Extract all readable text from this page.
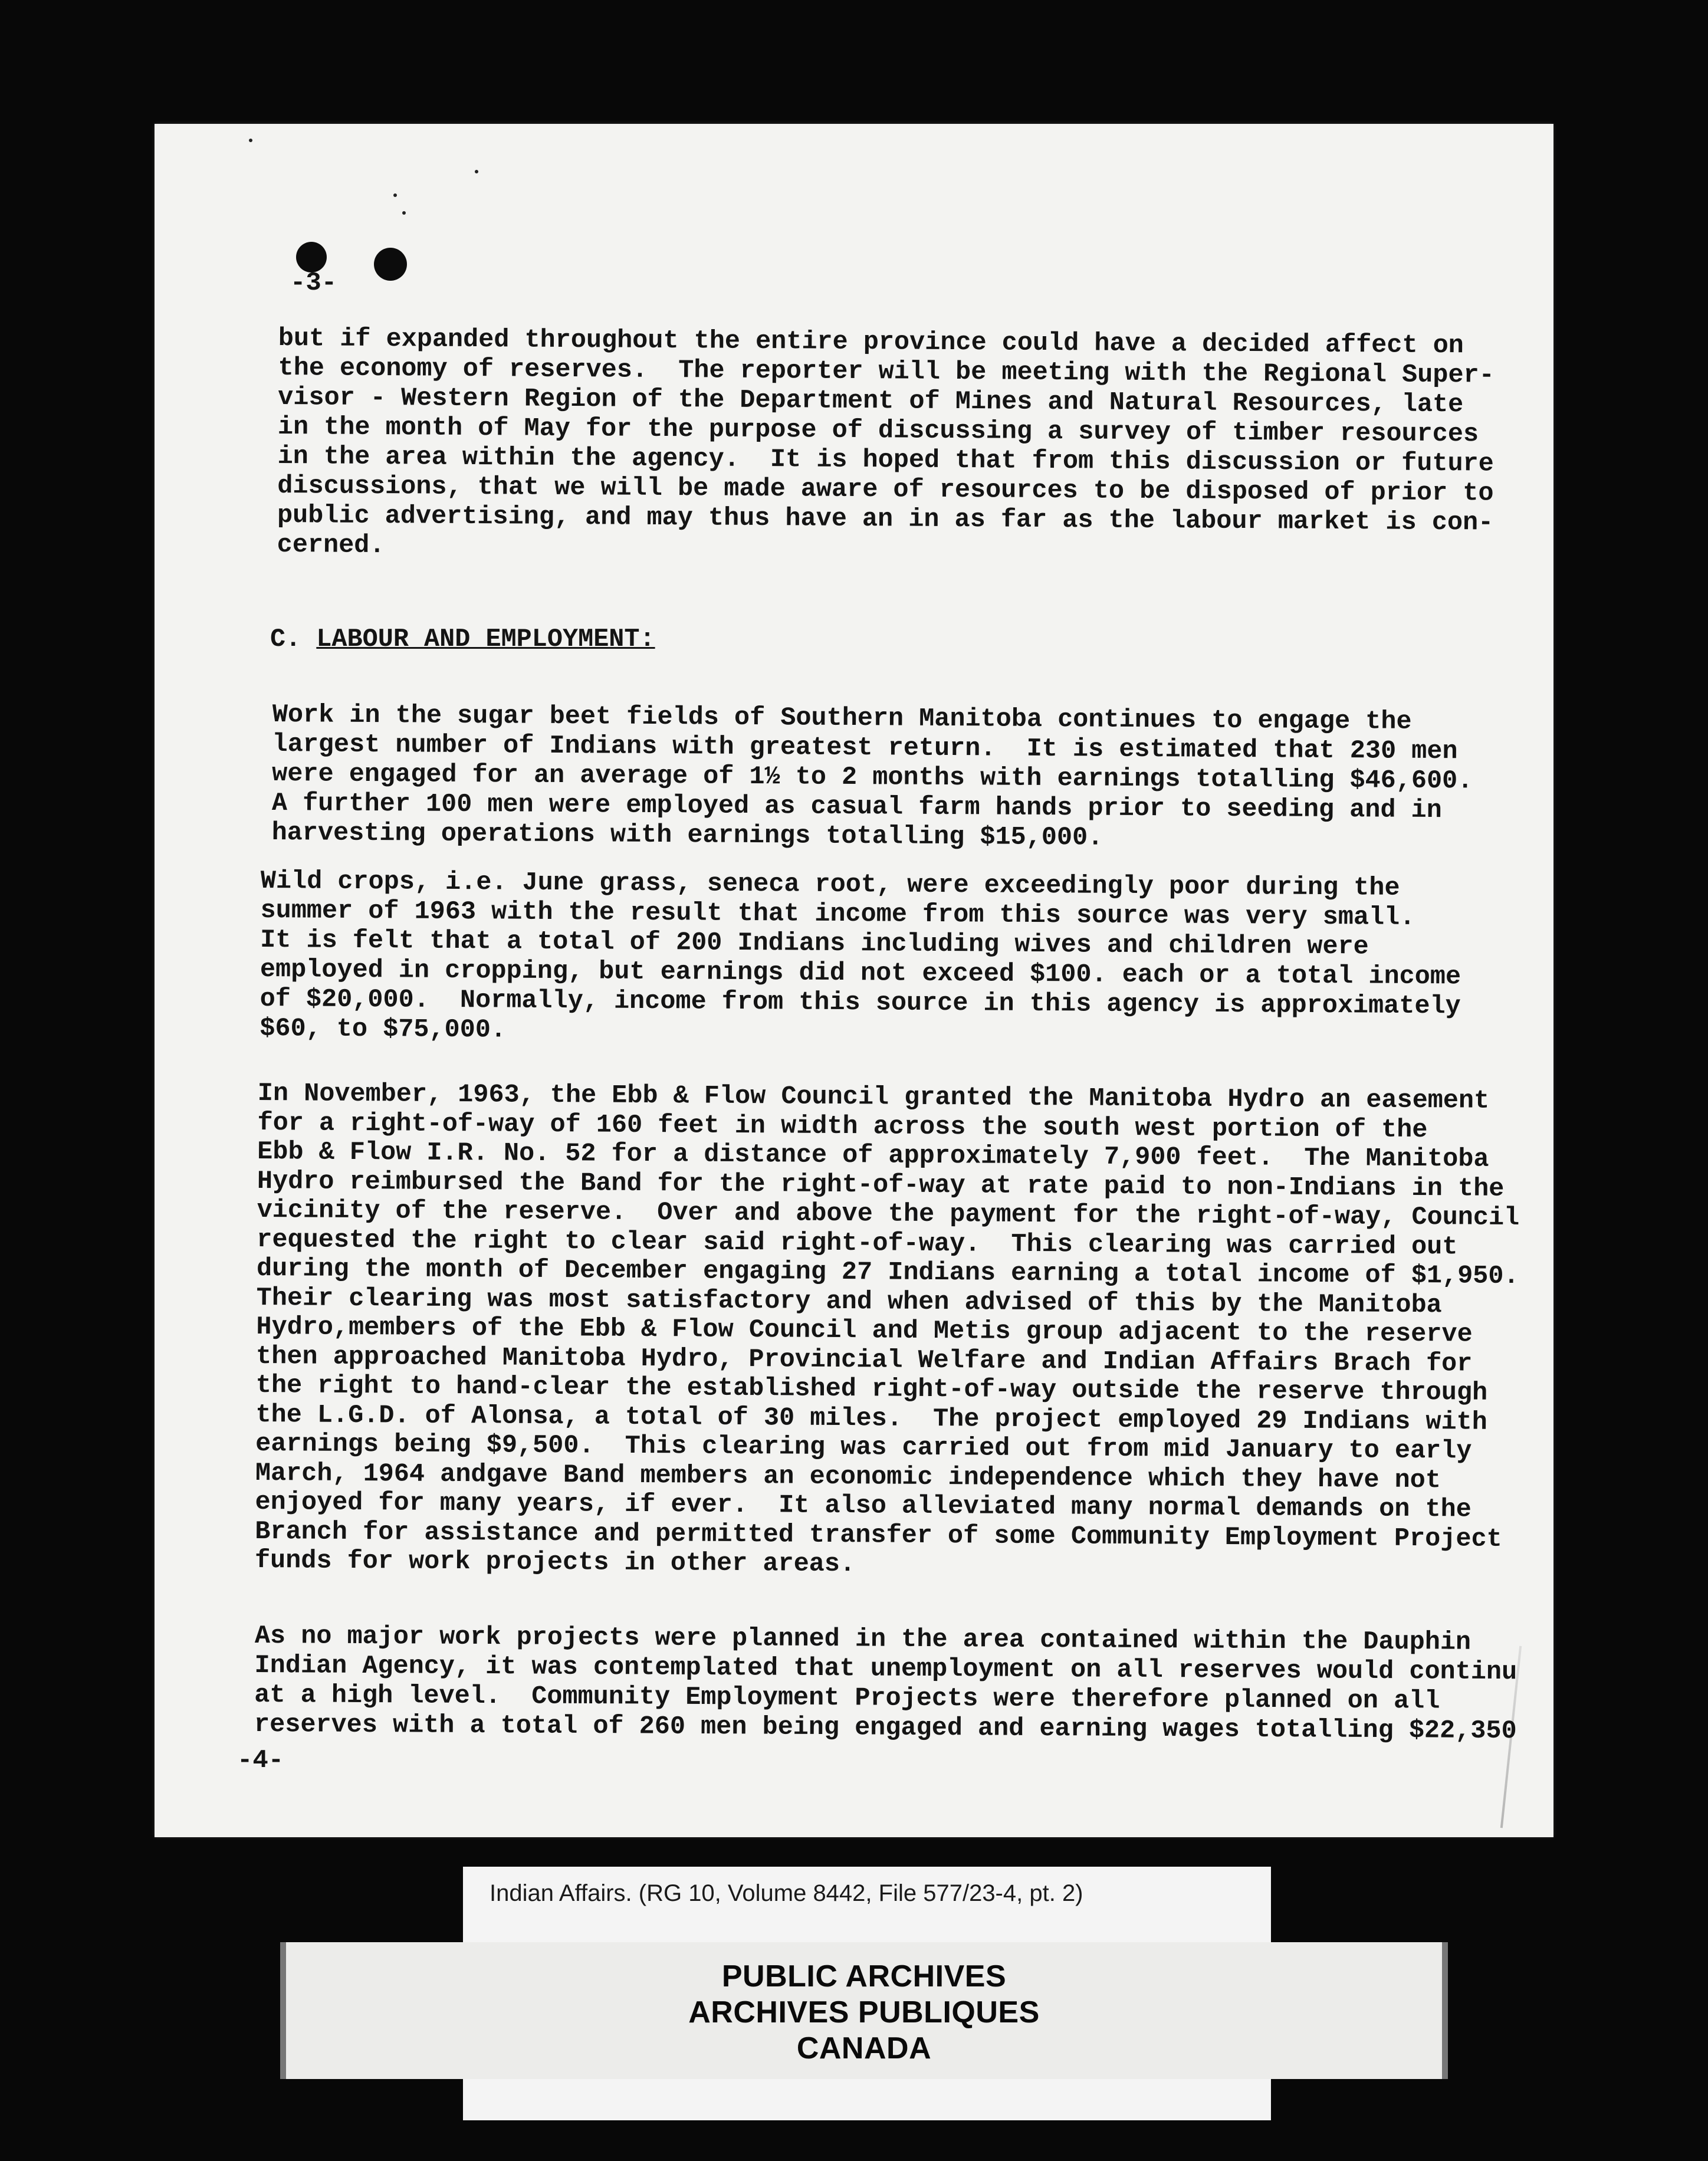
-3-
but if expanded throughout the entire province could have a decided affect on
the economy of reserves.  The reporter will be meeting with the Regional Super-
visor - Western Region of the Department of Mines and Natural Resources, late
in the month of May for the purpose of discussing a survey of timber resources
in the area within the agency.  It is hoped that from this discussion or future
discussions, that we will be made aware of resources to be disposed of prior to
public advertising, and may thus have an in as far as the labour market is con-
cerned.
C. LABOUR AND EMPLOYMENT:
Work in the sugar beet fields of Southern Manitoba continues to engage the
largest number of Indians with greatest return.  It is estimated that 230 men
were engaged for an average of 1½ to 2 months with earnings totalling $46,600.
A further 100 men were employed as casual farm hands prior to seeding and in
harvesting operations with earnings totalling $15,000.
Wild crops, i.e. June grass, seneca root, were exceedingly poor during the
summer of 1963 with the result that income from this source was very small.
It is felt that a total of 200 Indians including wives and children were
employed in cropping, but earnings did not exceed $100. each or a total income
of $20,000.  Normally, income from this source in this agency is approximately
$60, to $75,000.
In November, 1963, the Ebb & Flow Council granted the Manitoba Hydro an easement
for a right-of-way of 160 feet in width across the south west portion of the
Ebb & Flow I.R. No. 52 for a distance of approximately 7,900 feet.  The Manitoba
Hydro reimbursed the Band for the right-of-way at rate paid to non-Indians in the
vicinity of the reserve.  Over and above the payment for the right-of-way, Council
requested the right to clear said right-of-way.  This clearing was carried out
during the month of December engaging 27 Indians earning a total income of $1,950.
Their clearing was most satisfactory and when advised of this by the Manitoba
Hydro,members of the Ebb & Flow Council and Metis group adjacent to the reserve
then approached Manitoba Hydro, Provincial Welfare and Indian Affairs Brach for
the right to hand-clear the established right-of-way outside the reserve through
the L.G.D. of Alonsa, a total of 30 miles.  The project employed 29 Indians with
earnings being $9,500.  This clearing was carried out from mid January to early
March, 1964 andgave Band members an economic independence which they have not
enjoyed for many years, if ever.  It also alleviated many normal demands on the
Branch for assistance and permitted transfer of some Community Employment Project
funds for work projects in other areas.
As no major work projects were planned in the area contained within the Dauphin
Indian Agency, it was contemplated that unemployment on all reserves would continu
at a high level.  Community Employment Projects were therefore planned on all
reserves with a total of 260 men being engaged and earning wages totalling $22,350
-4-
Indian Affairs. (RG 10, Volume 8442, File 577/23-4, pt. 2)
PUBLIC ARCHIVES
ARCHIVES PUBLIQUES
CANADA
